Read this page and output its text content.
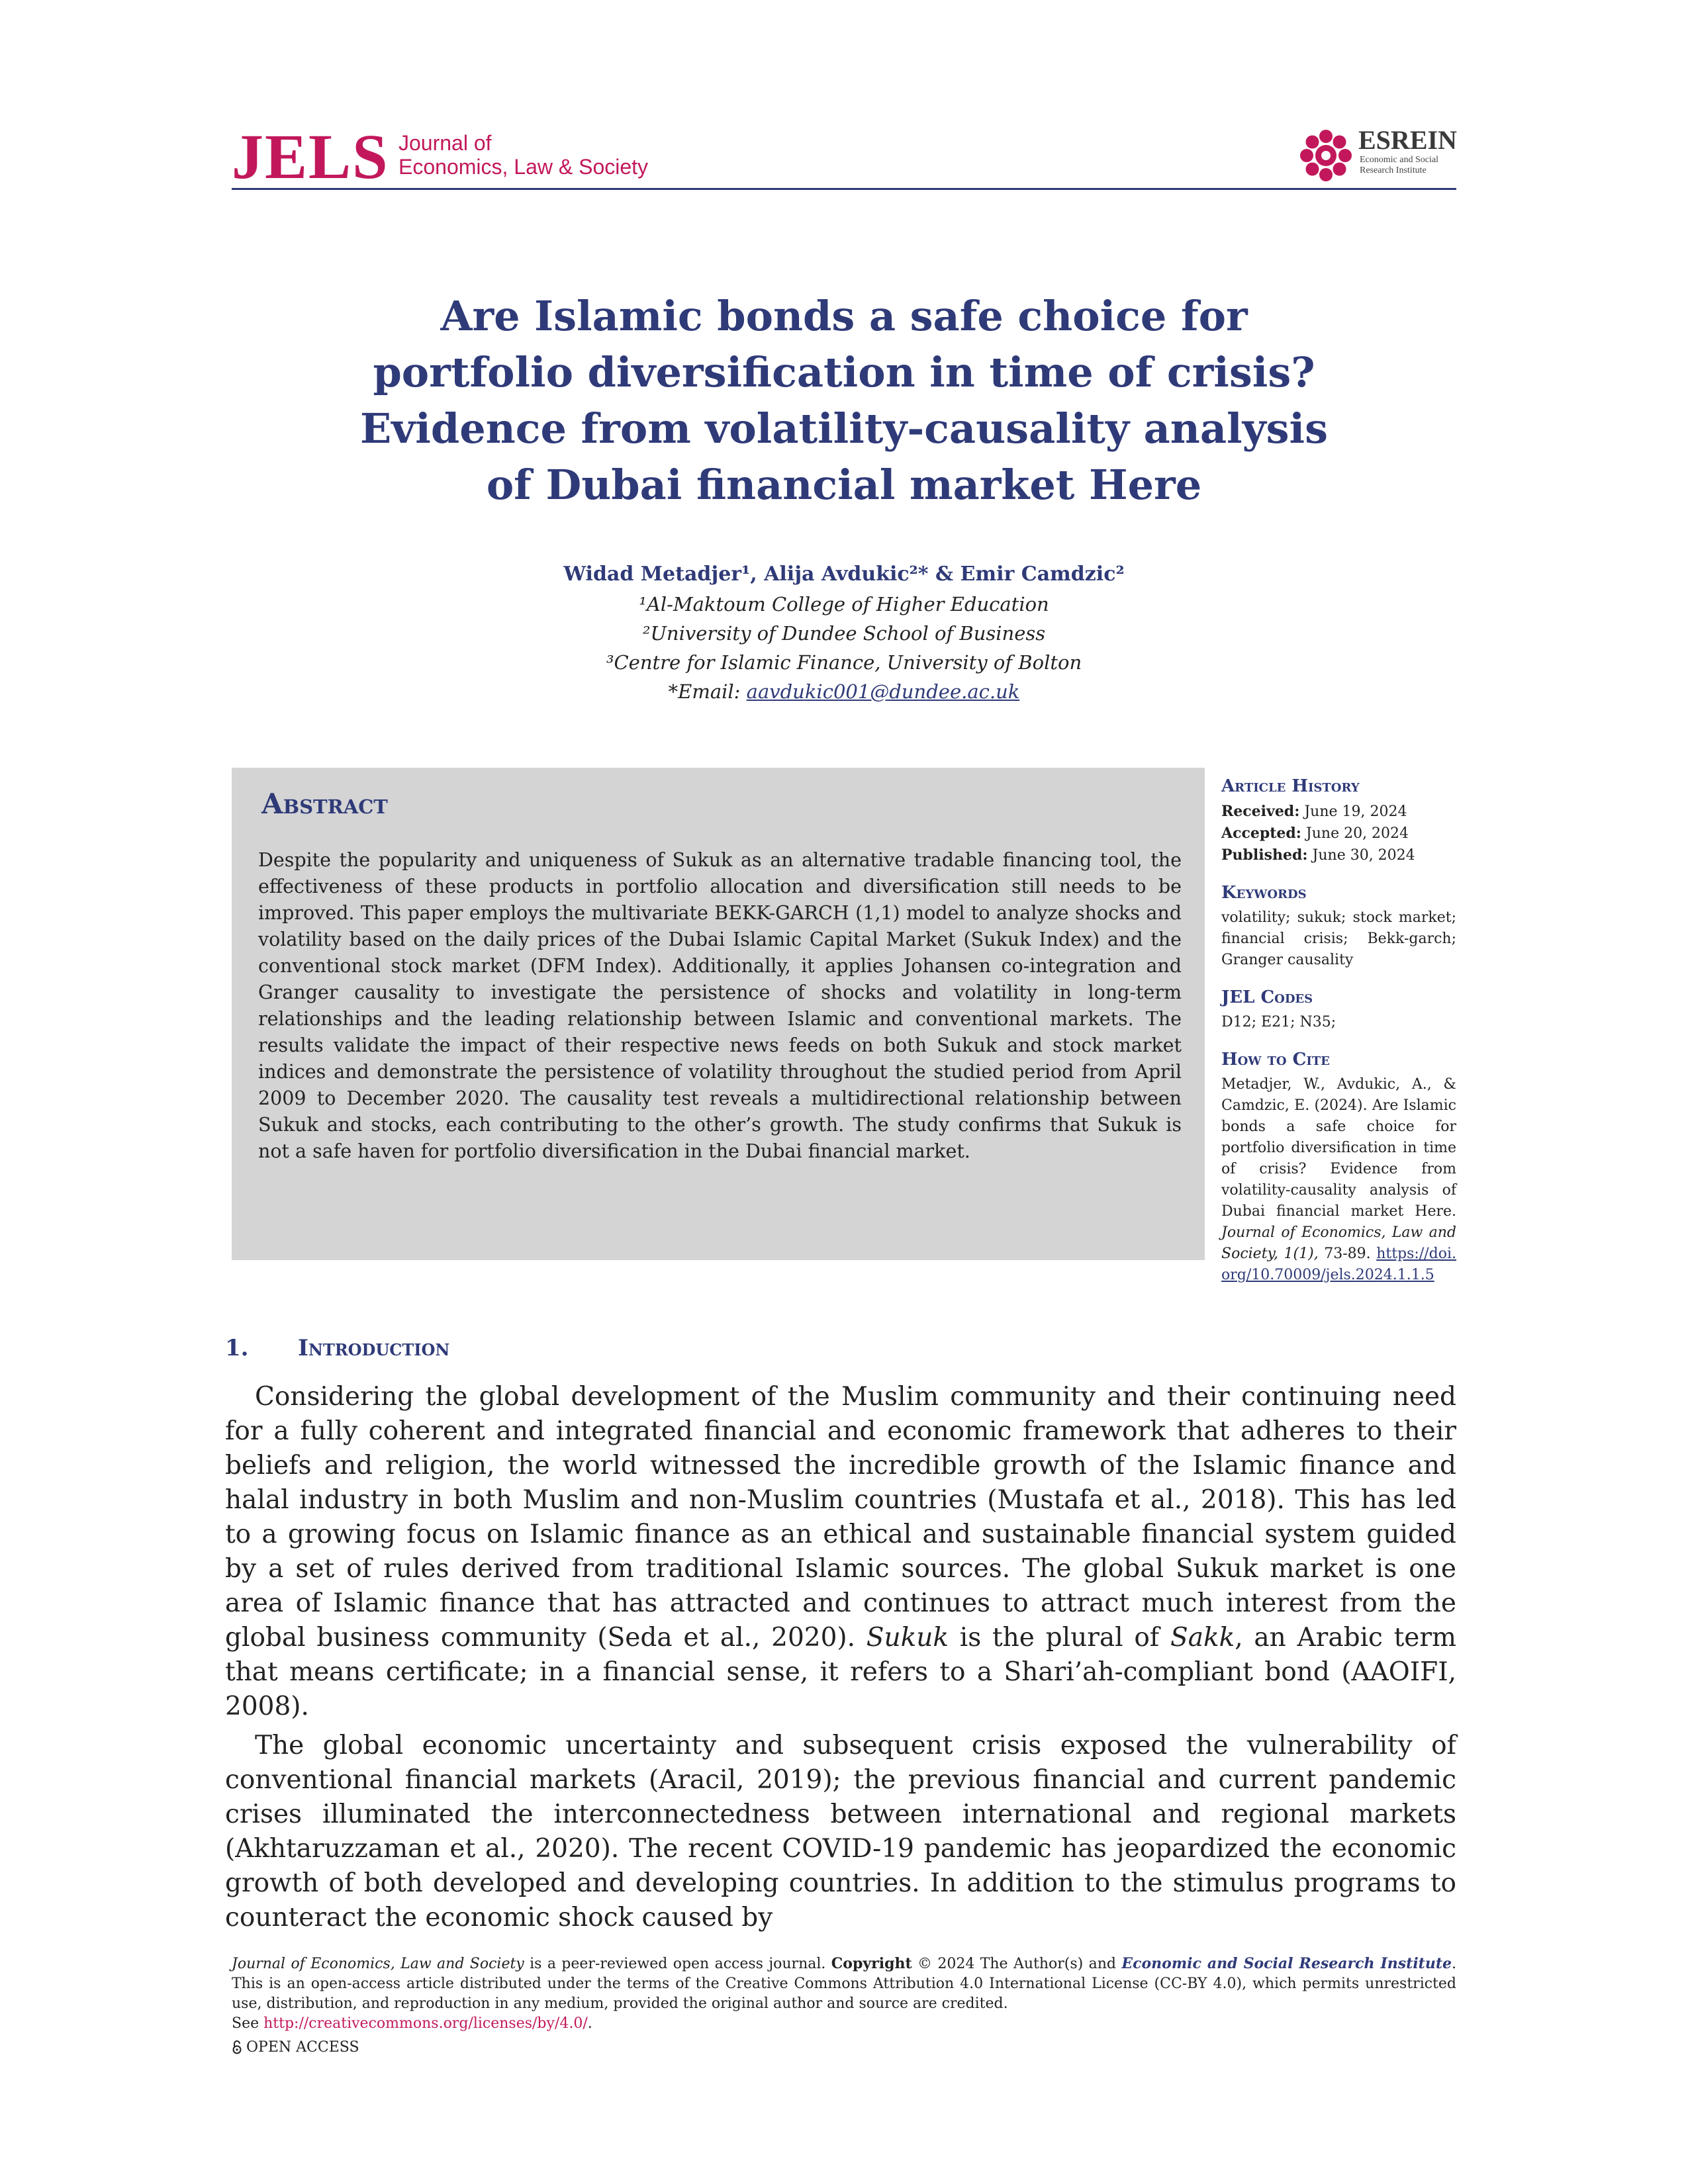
JELS Journal of
Economics, Law & Society
ESREIN
Economic and Social
Research Institute
Are Islamic bonds a safe choice for
portfolio diversification in time of crisis?
Evidence from volatility-causality analysis
of Dubai financial market Here
Widad Metadjer¹, Alija Avdukic²* & Emir Camdzic²
¹Al-Maktoum College of Higher Education
²University of Dundee School of Business
³Centre for Islamic Finance, University of Bolton
*Email: aavdukic001@dundee.ac.uk
Abstract
Despite the popularity and uniqueness of Sukuk as an alternative tradable financing tool, the effectiveness of these products in portfolio allocation and diversification still needs to be improved. This paper employs the multivariate BEKK-GARCH (1,1) model to analyze shocks and volatility based on the daily prices of the Dubai Islamic Capital Market (Sukuk Index) and the conventional stock market (DFM Index). Additionally, it applies Johansen co-integration and Granger causality to investigate the persistence of shocks and volatility in long-term relationships and the leading relationship between Islamic and conventional markets. The results validate the impact of their respective news feeds on both Sukuk and stock market indices and demonstrate the persistence of volatility throughout the studied period from April 2009 to December 2020. The causality test reveals a multidirectional relationship between Sukuk and stocks, each contributing to the other’s growth. The study confirms that Sukuk is not a safe haven for portfolio diversification in the Dubai financial market.
Article History
Received: June 19, 2024
Accepted: June 20, 2024
Published: June 30, 2024
Keywords
volatility; sukuk; stock market; financial crisis; Bekk-garch; Granger causality
JEL Codes
D12; E21; N35;
How to Cite
Metadjer, W., Avdukic, A., & Camdzic, E. (2024). Are Islamic bonds a safe choice for portfolio diversification in time of crisis? Evidence from volatility-causality analysis of Dubai financial market Here. Journal of Economics, Law and Society, 1(1), 73-89. https://doi.org/10.70009/jels.2024.1.1.5
1. Introduction
Considering the global development of the Muslim community and their continuing need for a fully coherent and integrated financial and economic framework that adheres to their beliefs and religion, the world witnessed the incredible growth of the Islamic finance and halal industry in both Muslim and non-Muslim countries (Mustafa et al., 2018). This has led to a growing focus on Islamic finance as an ethical and sustainable financial system guided by a set of rules derived from traditional Islamic sources. The global Sukuk market is one area of Islamic finance that has attracted and continues to attract much interest from the global business community (Seda et al., 2020). Sukuk is the plural of Sakk, an Arabic term that means certificate; in a financial sense, it refers to a Shari’ah-compliant bond (AAOIFI, 2008).
The global economic uncertainty and subsequent crisis exposed the vulnerability of conventional financial markets (Aracil, 2019); the previous financial and current pandemic crises illuminated the interconnectedness between international and regional markets (Akhtaruzzaman et al., 2020). The recent COVID-19 pandemic has jeopardized the economic growth of both developed and developing countries. In addition to the stimulus programs to counteract the economic shock caused by
Journal of Economics, Law and Society is a peer-reviewed open access journal. Copyright © 2024 The Author(s) and Economic and Social Research Institute. This is an open-access article distributed under the terms of the Creative Commons Attribution 4.0 International License (CC-BY 4.0), which permits unrestricted use, distribution, and reproduction in any medium, provided the original author and source are credited.
See http://creativecommons.org/licenses/by/4.0/.
OPEN ACCESS
